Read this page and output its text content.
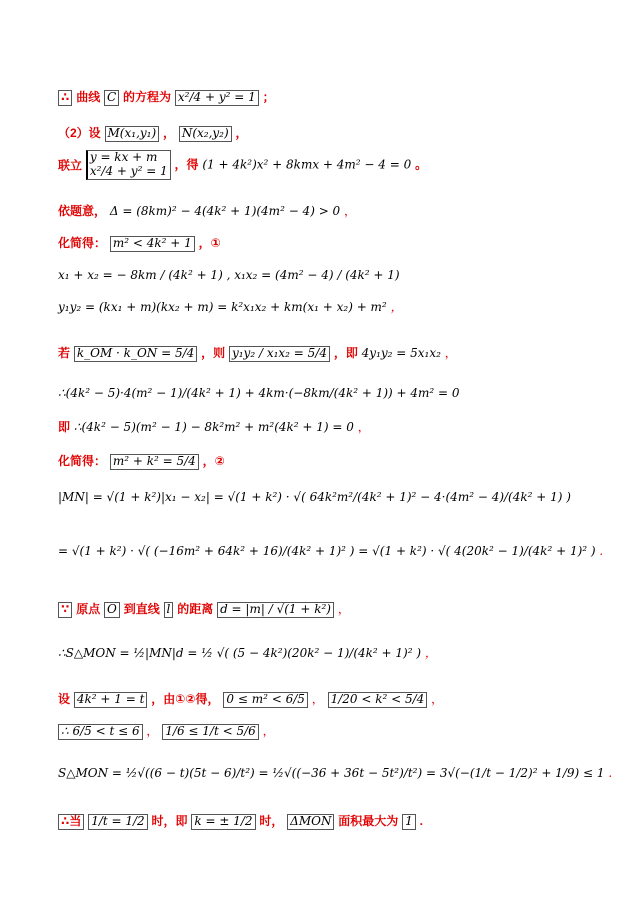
∴ 曲线 C 的方程为 x²/4 + y² = 1 ；
（2）设 M(x₁,y₁) ， N(x₂,y₂) ，
联立
y = kx + m
x²/4 + y² = 1 ，得 (1 + 4k²)x² + 8kmx + 4m² − 4 = 0 。
依题意， Δ = (8km)² − 4(4k² + 1)(4m² − 4) > 0 ，
化简得： m² < 4k² + 1 ，①
x₁ + x₂ = − 8km / (4k² + 1) , x₁x₂ = (4m² − 4) / (4k² + 1)
y₁y₂ = (kx₁ + m)(kx₂ + m) = k²x₁x₂ + km(x₁ + x₂) + m² ，
若 k_OM · k_ON = 5/4 ，则 y₁y₂ / x₁x₂ = 5/4 ，即 4y₁y₂ = 5x₁x₂ ，
∴(4k² − 5)·4(m² − 1)/(4k² + 1) + 4km·(−8km/(4k² + 1)) + 4m² = 0
即 ∴(4k² − 5)(m² − 1) − 8k²m² + m²(4k² + 1) = 0 ，
化简得： m² + k² = 5/4 ，②
|MN| = √(1 + k²)|x₁ − x₂| = √(1 + k²) · √( 64k²m²/(4k² + 1)² − 4·(4m² − 4)/(4k² + 1) )
= √(1 + k²) · √( (−16m² + 64k² + 16)/(4k² + 1)² ) = √(1 + k²) · √( 4(20k² − 1)/(4k² + 1)² ) .
∵ 原点 O 到直线 l 的距离 d = |m| / √(1 + k²) ，
∴S△MON = ½|MN|d = ½ √( (5 − 4k²)(20k² − 1)/(4k² + 1)² ) ，
设 4k² + 1 = t ，由①②得， 0 ≤ m² < 6/5 ， 1/20 < k² < 5/4 ，
∴ 6/5 < t ≤ 6 ， 1/6 ≤ 1/t < 5/6 ，
S△MON = ½√((6 − t)(5t − 6)/t²) = ½√((−36 + 36t − 5t²)/t²) = 3√(−(1/t − 1/2)² + 1/9) ≤ 1 .
∴当 1/t = 1/2 时，即 k = ± 1/2 时， ΔMON 面积最大为 1 .
